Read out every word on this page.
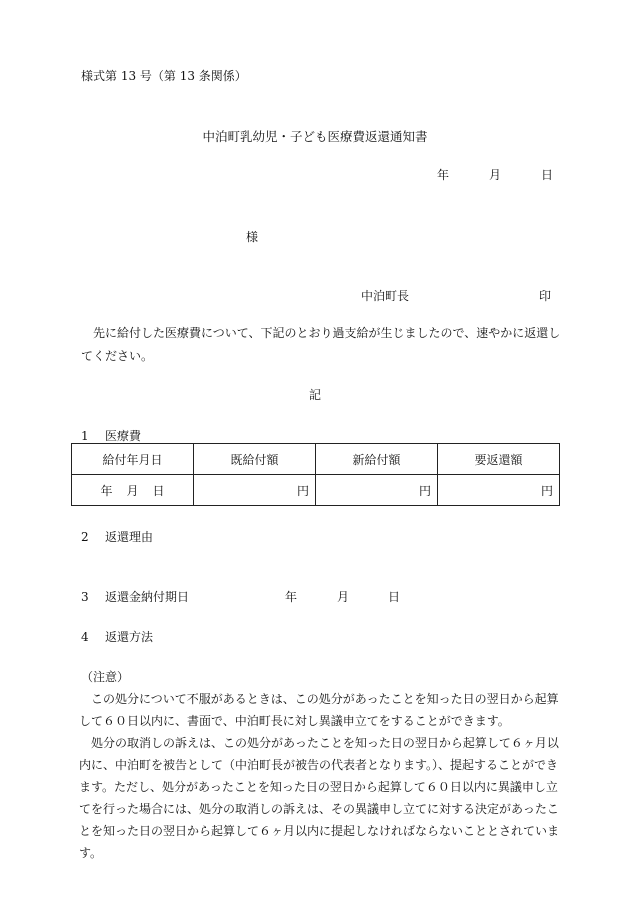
様式第 13 号（第 13 条関係）
中泊町乳幼児・子ども医療費返還通知書
年	月	日
様
中泊町長	印
先に給付した医療費について、下記のとおり過支給が生じましたので、速やかに返還してください。
記
1 医療費
給付年月日	既給付額	新給付額	要返還額
年 月 日	円	円	円
2 返還理由
3 返還金納付期日	年	月	日
4 返還方法
（注意）
この処分について不服があるときは、この処分があったことを知った日の翌日から起算して６０日以内に、書面で、中泊町長に対し異議申立てをすることができます。
処分の取消しの訴えは、この処分があったことを知った日の翌日から起算して６ヶ月以内に、中泊町を被告として（中泊町長が被告の代表者となります。）、提起することができます。ただし、処分があったことを知った日の翌日から起算して６０日以内に異議申し立てを行った場合には、処分の取消しの訴えは、その異議申し立てに対する決定があったことを知った日の翌日から起算して６ヶ月以内に提起しなければならないこととされています。
